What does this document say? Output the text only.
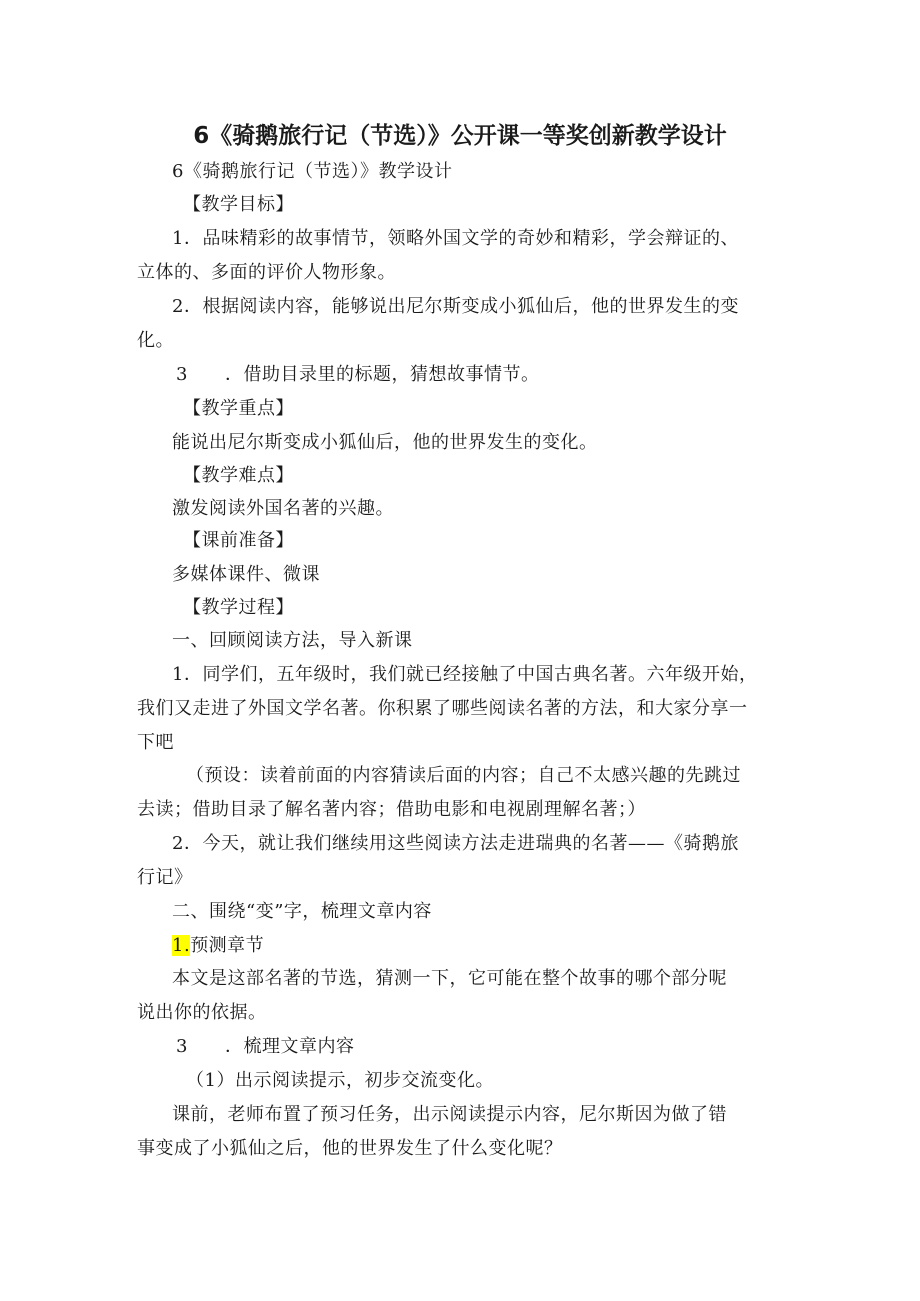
6《骑鹅旅行记（节选）》公开课一等奖创新教学设计
6《骑鹅旅行记（节选）》教学设计
【教学目标】
1．品味精彩的故事情节，领略外国文学的奇妙和精彩，学会辩证的、
立体的、多面的评价人物形象。
2．根据阅读内容，能够说出尼尔斯变成小狐仙后，他的世界发生的变
化。
3　　．借助目录里的标题，猜想故事情节。
【教学重点】
能说出尼尔斯变成小狐仙后，他的世界发生的变化。
【教学难点】
激发阅读外国名著的兴趣。
【课前准备】
多媒体课件、微课
【教学过程】
一、回顾阅读方法，导入新课
1．同学们，五年级时，我们就已经接触了中国古典名著。六年级开始，
我们又走进了外国文学名著。你积累了哪些阅读名著的方法，和大家分享一
下吧
（预设：读着前面的内容猜读后面的内容；自己不太感兴趣的先跳过
去读；借助目录了解名著内容；借助电影和电视剧理解名著；）
2．今天，就让我们继续用这些阅读方法走进瑞典的名著——《骑鹅旅
行记》
二、围绕“变”字，梳理文章内容
1.预测章节
本文是这部名著的节选，猜测一下，它可能在整个故事的哪个部分呢
说出你的依据。
3　　．梳理文章内容
（1）出示阅读提示，初步交流变化。
课前，老师布置了预习任务，出示阅读提示内容，尼尔斯因为做了错
事变成了小狐仙之后，他的世界发生了什么变化呢？
